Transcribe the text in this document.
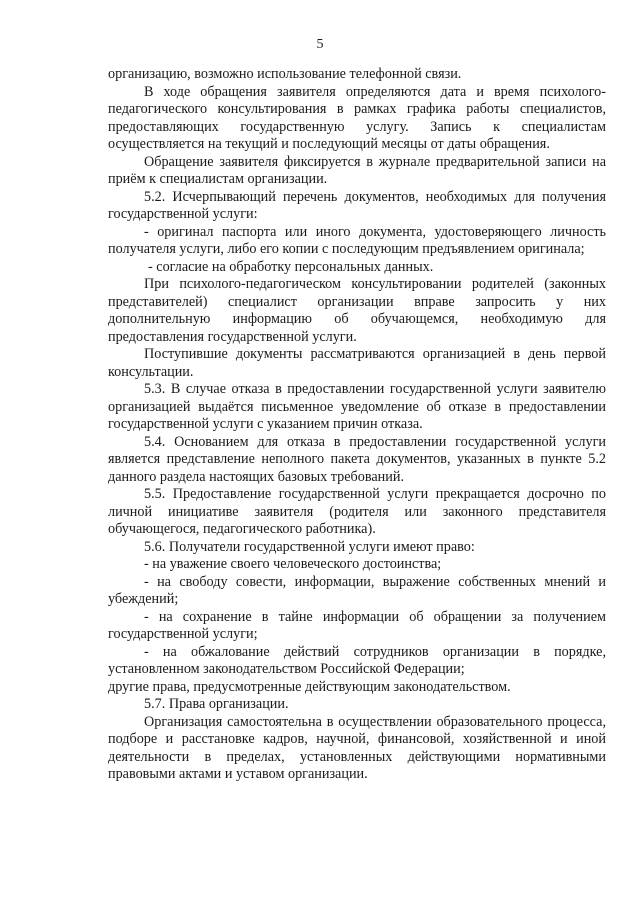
5

организацию, возможно использование телефонной связи.

В ходе обращения заявителя определяются дата и время психолого-педагогического консультирования в рамках графика работы специалистов, предоставляющих государственную услугу. Запись к специалистам осуществляется на текущий и последующий месяцы от даты обращения.

Обращение заявителя фиксируется в журнале предварительной записи на приём к специалистам организации.

5.2. Исчерпывающий перечень документов, необходимых для получения государственной услуги:

- оригинал паспорта или иного документа, удостоверяющего личность получателя услуги, либо его копии с последующим предъявлением оригинала;

- согласие на обработку персональных данных.

При психолого-педагогическом консультировании родителей (законных представителей) специалист организации вправе запросить у них дополнительную информацию об обучающемся, необходимую для предоставления государственной услуги.

Поступившие документы рассматриваются организацией в день первой консультации.

5.3. В случае отказа в предоставлении государственной услуги заявителю организацией выдаётся письменное уведомление об отказе в предоставлении государственной услуги с указанием причин отказа.

5.4. Основанием для отказа в предоставлении государственной услуги является представление неполного пакета документов, указанных в пункте 5.2 данного раздела настоящих базовых требований.

5.5. Предоставление государственной услуги прекращается досрочно по личной инициативе заявителя (родителя или законного представителя обучающегося, педагогического работника).

5.6. Получатели государственной услуги имеют право:

- на уважение своего человеческого достоинства;

- на свободу совести, информации, выражение собственных мнений и убеждений;

- на сохранение в тайне информации об обращении за получением государственной услуги;

- на обжалование действий сотрудников организации в порядке, установленном законодательством Российской Федерации;

другие права, предусмотренные действующим законодательством.

5.7. Права организации.

Организация самостоятельна в осуществлении образовательного процесса, подборе и расстановке кадров, научной, финансовой, хозяйственной и иной деятельности в пределах, установленных действующими нормативными правовыми актами и уставом организации.
